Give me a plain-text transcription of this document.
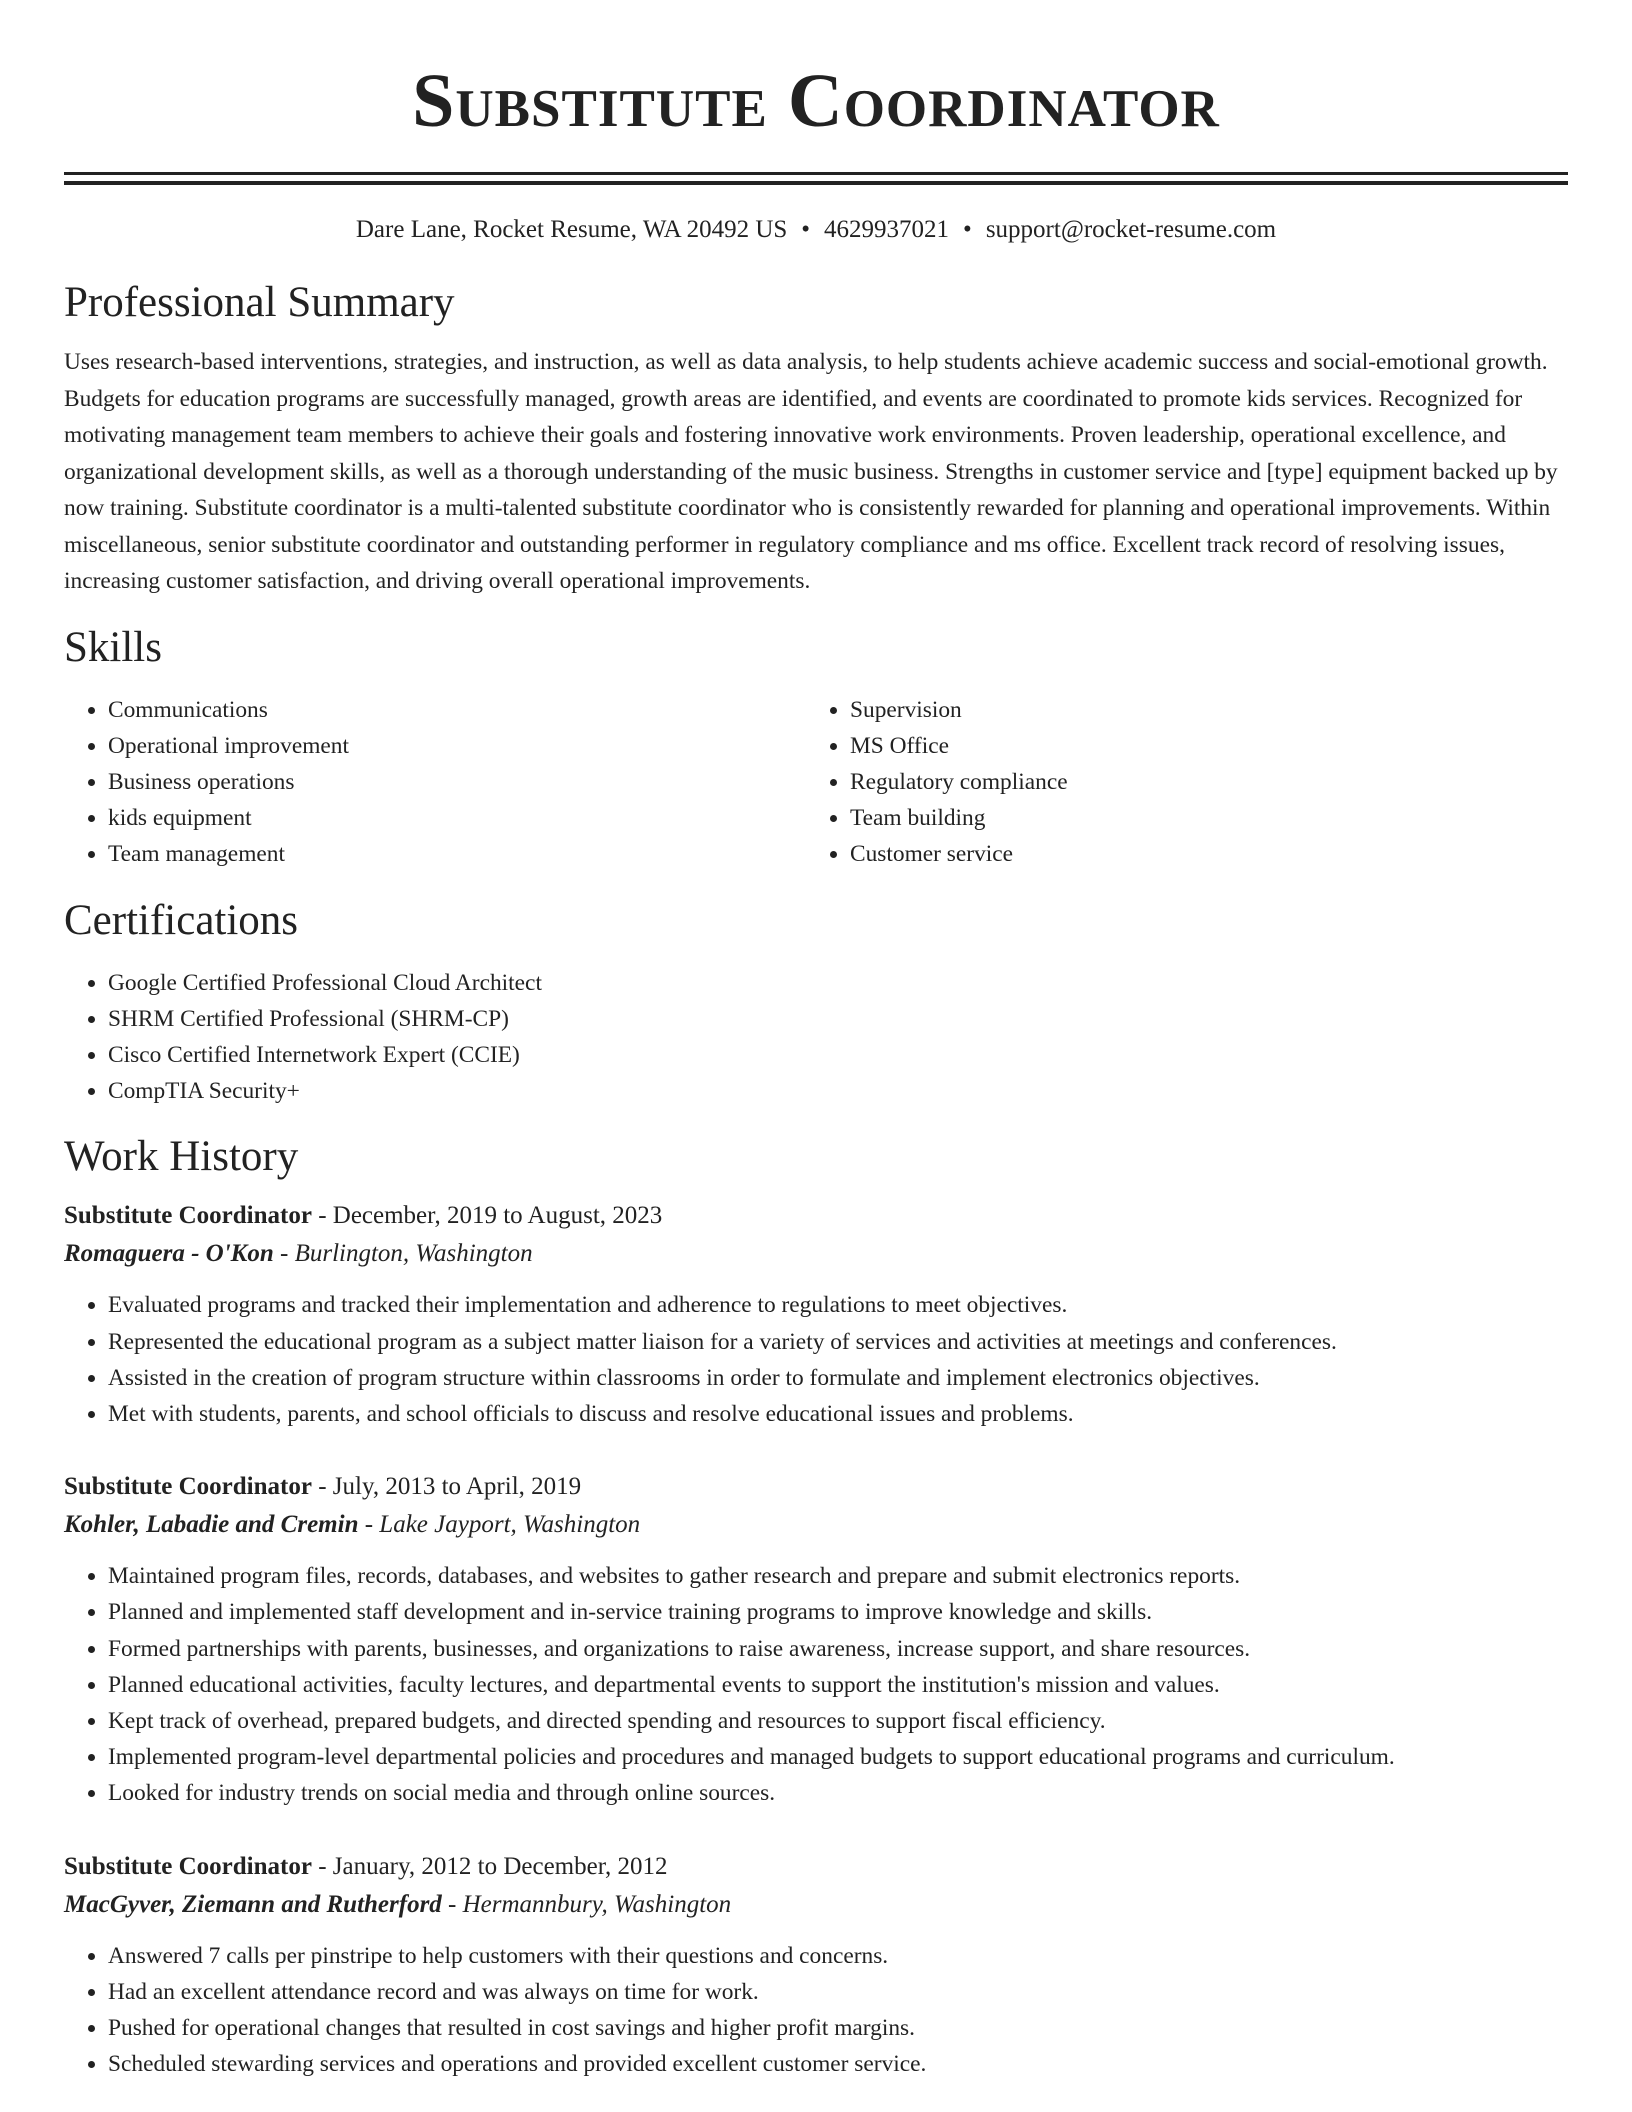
Substitute Coordinator
Dare Lane, Rocket Resume, WA 20492 US • 4629937021 • support@rocket-resume.com
Professional Summary
Uses research-based interventions, strategies, and instruction, as well as data analysis, to help students achieve academic success and social-emotional growth. Budgets for education programs are successfully managed, growth areas are identified, and events are coordinated to promote kids services. Recognized for motivating management team members to achieve their goals and fostering innovative work environments. Proven leadership, operational excellence, and organizational development skills, as well as a thorough understanding of the music business. Strengths in customer service and [type] equipment backed up by now training. Substitute coordinator is a multi-talented substitute coordinator who is consistently rewarded for planning and operational improvements. Within miscellaneous, senior substitute coordinator and outstanding performer in regulatory compliance and ms office. Excellent track record of resolving issues, increasing customer satisfaction, and driving overall operational improvements.
Skills
• Communications
• Operational improvement
• Business operations
• kids equipment
• Team management
• Supervision
• MS Office
• Regulatory compliance
• Team building
• Customer service
Certifications
• Google Certified Professional Cloud Architect
• SHRM Certified Professional (SHRM-CP)
• Cisco Certified Internetwork Expert (CCIE)
• CompTIA Security+
Work History
Substitute Coordinator - December, 2019 to August, 2023
Romaguera - O'Kon - Burlington, Washington
• Evaluated programs and tracked their implementation and adherence to regulations to meet objectives.
• Represented the educational program as a subject matter liaison for a variety of services and activities at meetings and conferences.
• Assisted in the creation of program structure within classrooms in order to formulate and implement electronics objectives.
• Met with students, parents, and school officials to discuss and resolve educational issues and problems.
Substitute Coordinator - July, 2013 to April, 2019
Kohler, Labadie and Cremin - Lake Jayport, Washington
• Maintained program files, records, databases, and websites to gather research and prepare and submit electronics reports.
• Planned and implemented staff development and in-service training programs to improve knowledge and skills.
• Formed partnerships with parents, businesses, and organizations to raise awareness, increase support, and share resources.
• Planned educational activities, faculty lectures, and departmental events to support the institution's mission and values.
• Kept track of overhead, prepared budgets, and directed spending and resources to support fiscal efficiency.
• Implemented program-level departmental policies and procedures and managed budgets to support educational programs and curriculum.
• Looked for industry trends on social media and through online sources.
Substitute Coordinator - January, 2012 to December, 2012
MacGyver, Ziemann and Rutherford - Hermannbury, Washington
• Answered 7 calls per pinstripe to help customers with their questions and concerns.
• Had an excellent attendance record and was always on time for work.
• Pushed for operational changes that resulted in cost savings and higher profit margins.
• Scheduled stewarding services and operations and provided excellent customer service.
